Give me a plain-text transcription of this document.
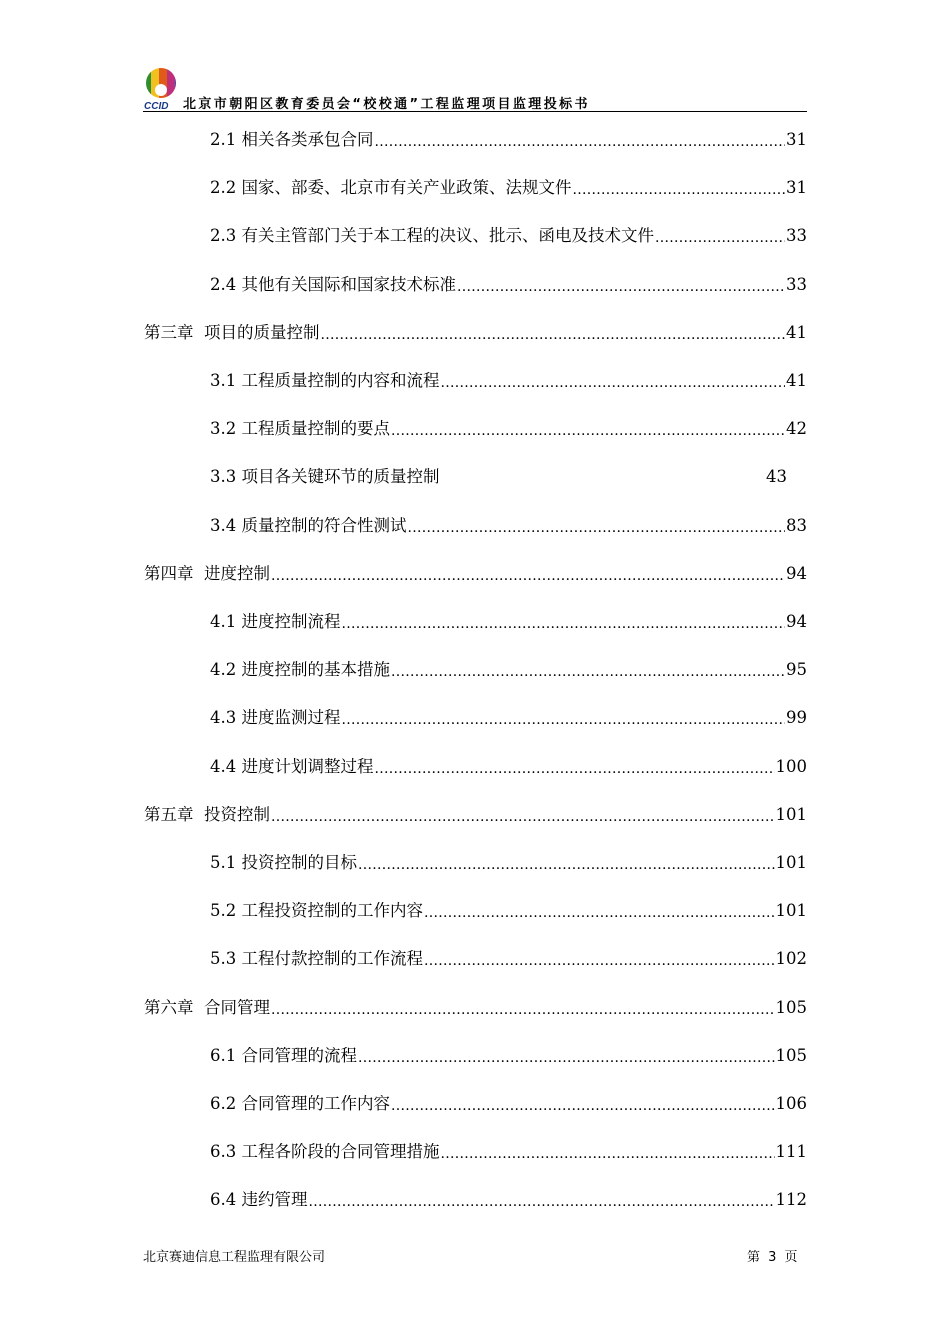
CCID 北京市朝阳区教育委员会“校校通”工程监理项目监理投标书
2.1 相关各类承包合同 .....	31
2.2 国家、部委、北京市有关产业政策、法规文件 .....	31
2.3 有关主管部门关于本工程的决议、批示、函电及技术文件 .....	33
2.4 其他有关国际和国家技术标准 .....	33
第三章  项目的质量控制 .....	41
3.1 工程质量控制的内容和流程 .....	41
3.2 工程质量控制的要点 .....	42
3.3 项目各关键环节的质量控制	43
3.4 质量控制的符合性测试 .....	83
第四章  进度控制 .....	94
4.1 进度控制流程 .....	94
4.2 进度控制的基本措施 .....	95
4.3 进度监测过程 .....	99
4.4 进度计划调整过程 .....	100
第五章  投资控制 .....	101
5.1 投资控制的目标 .....	101
5.2 工程投资控制的工作内容 .....	101
5.3 工程付款控制的工作流程 .....	102
第六章  合同管理 .....	105
6.1 合同管理的流程 .....	105
6.2 合同管理的工作内容 .....	106
6.3 工程各阶段的合同管理措施 .....	111
6.4 违约管理 .....	112
北京赛迪信息工程监理有限公司	第 3 页
